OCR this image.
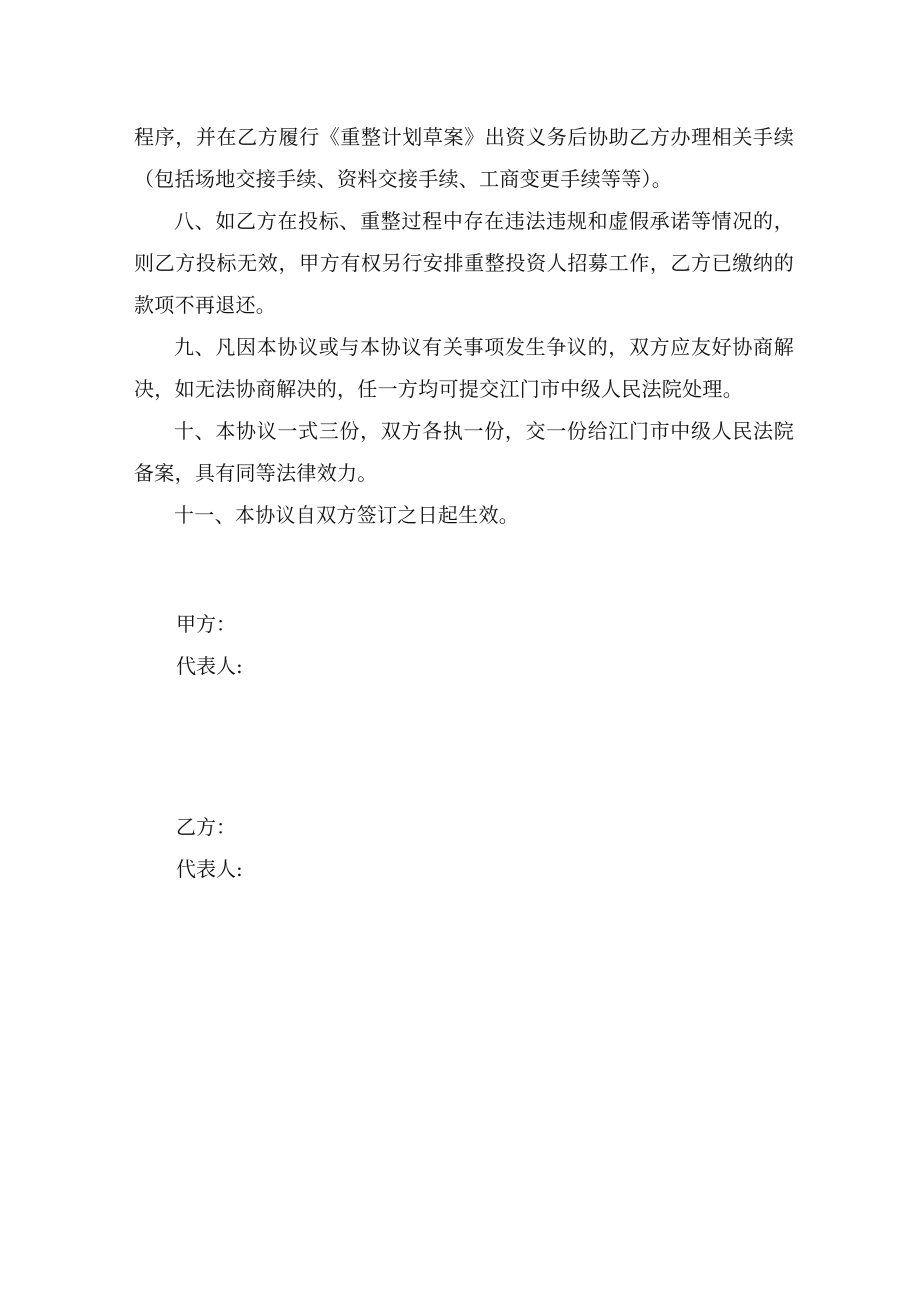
程序，并在乙方履行《重整计划草案》出资义务后协助乙方办理相关手续（包括场地交接手续、资料交接手续、工商变更手续等等）。

八、如乙方在投标、重整过程中存在违法违规和虚假承诺等情况的，则乙方投标无效，甲方有权另行安排重整投资人招募工作，乙方已缴纳的款项不再退还。

九、凡因本协议或与本协议有关事项发生争议的，双方应友好协商解决，如无法协商解决的，任一方均可提交江门市中级人民法院处理。

十、本协议一式三份，双方各执一份，交一份给江门市中级人民法院备案，具有同等法律效力。

十一、本协议自双方签订之日起生效。

甲方：

代表人:

乙方：

代表人:
